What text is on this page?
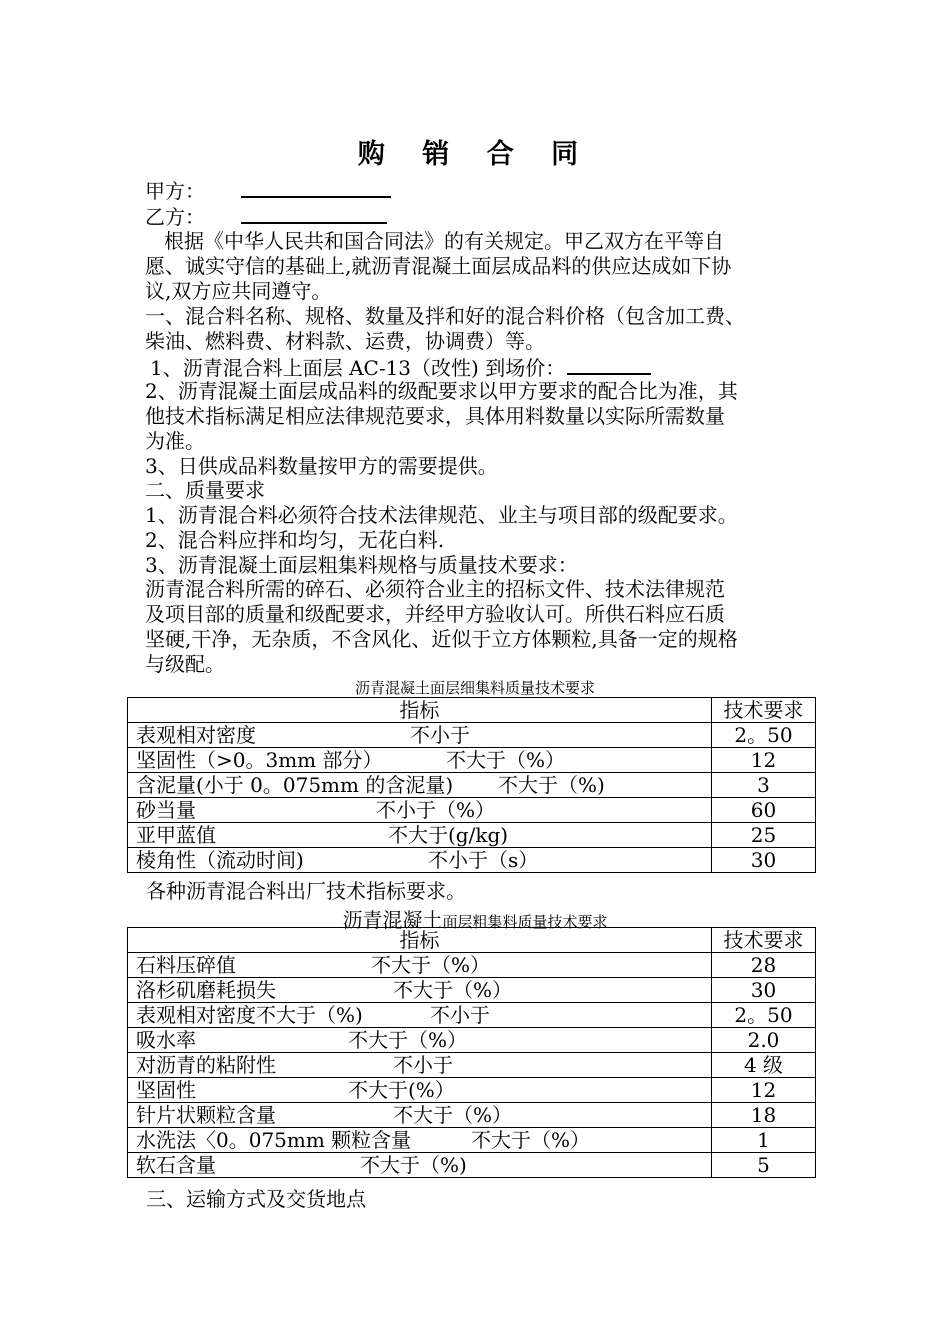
购 销 合 同
甲方：
乙方：
根据《中华人民共和国合同法》的有关规定。甲乙双方在平等自
愿、诚实守信的基础上,就沥青混凝土面层成品料的供应达成如下协
议,双方应共同遵守。
一、混合料名称、规格、数量及拌和好的混合料价格（包含加工费、
柴油、燃料费、材料款、运费，协调费）等。
1、沥青混合料上面层 AC-13（改性) 到场价：
2、沥青混凝土面层成品料的级配要求以甲方要求的配合比为准，其
他技术指标满足相应法律规范要求，具体用料数量以实际所需数量
为准。
3、日供成品料数量按甲方的需要提供。
二、质量要求
1、沥青混合料必须符合技术法律规范、业主与项目部的级配要求。
2、混合料应拌和均匀，无花白料.
3、沥青混凝土面层粗集料规格与质量技术要求：
沥青混合料所需的碎石、必须符合业主的招标文件、技术法律规范
及项目部的质量和级配要求，并经甲方验收认可。所供石料应石质
坚硬,干净，无杂质，不含风化、近似于立方体颗粒,具备一定的规格
与级配。
沥青混凝土面层细集料质量技术要求
指标	技术要求
表观相对密度 不小于	2。50
坚固性（>0。3mm 部分） 不大于（%）	12
含泥量(小于 0。075mm 的含泥量) 不大于（%)	3
砂当量 不小于（%）	60
亚甲蓝值 不大于(g/kg)	25
棱角性（流动时间) 不小于（s）	30
各种沥青混合料出厂技术指标要求。
沥青混凝土面层粗集料质量技术要求
指标	技术要求
石料压碎值 不大于（%）	28
洛杉矶磨耗损失 不大于（%）	30
表观相对密度不大于（%) 不小于	2。50
吸水率 不大于（%）	2.0
对沥青的粘附性 不小于	4 级
坚固性 不大于(%）	12
针片状颗粒含量 不大于（%）	18
水洗法〈0。075mm 颗粒含量 不大于（%）	1
软石含量 不大于（%)	5
三、运输方式及交货地点
